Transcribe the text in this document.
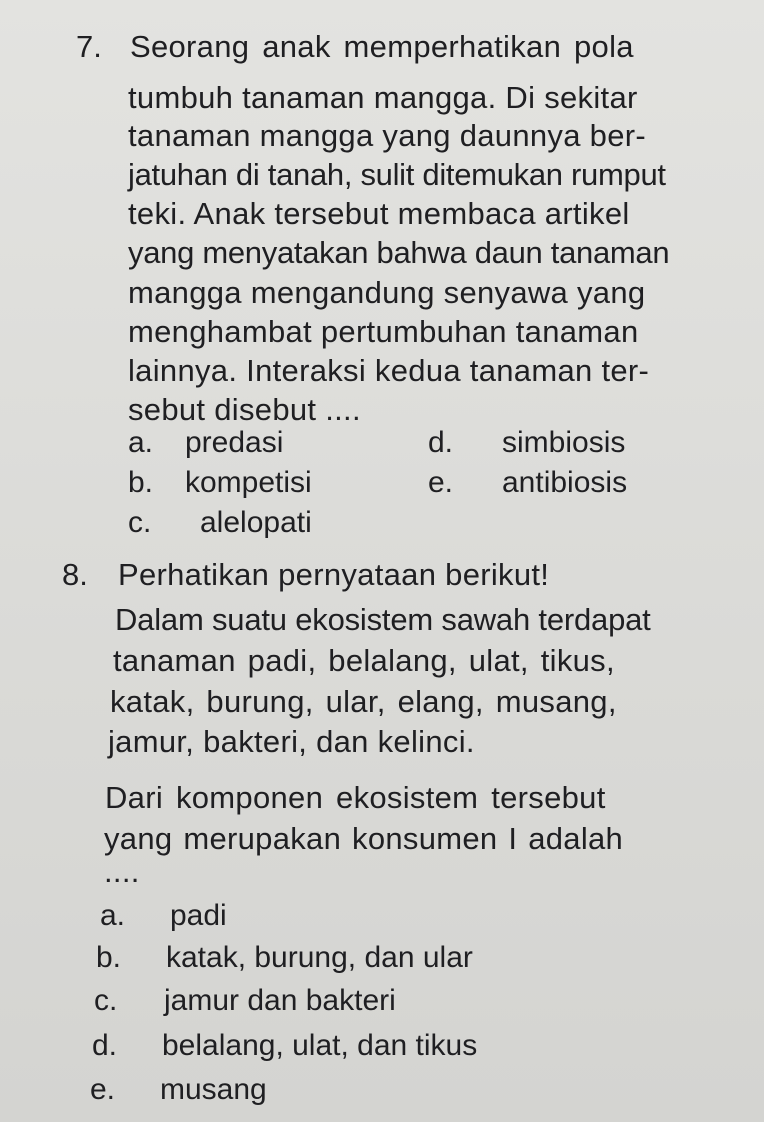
7. Seorang anak memperhatikan pola
tumbuh tanaman mangga. Di sekitar
tanaman mangga yang daunnya ber-
jatuhan di tanah, sulit ditemukan rumput
teki. Anak tersebut membaca artikel
yang menyatakan bahwa daun tanaman
mangga mengandung senyawa yang
menghambat pertumbuhan tanaman
lainnya. Interaksi kedua tanaman ter-
sebut disebut ....
a. predasi
b. kompetisi
c. alelopati
d. simbiosis
e. antibiosis
8. Perhatikan pernyataan berikut!
Dalam suatu ekosistem sawah terdapat
tanaman padi, belalang, ulat, tikus,
katak, burung, ular, elang, musang,
jamur, bakteri, dan kelinci.
Dari komponen ekosistem tersebut
yang merupakan konsumen I adalah
....
a. padi
b. katak, burung, dan ular
c. jamur dan bakteri
d. belalang, ulat, dan tikus
e. musang
